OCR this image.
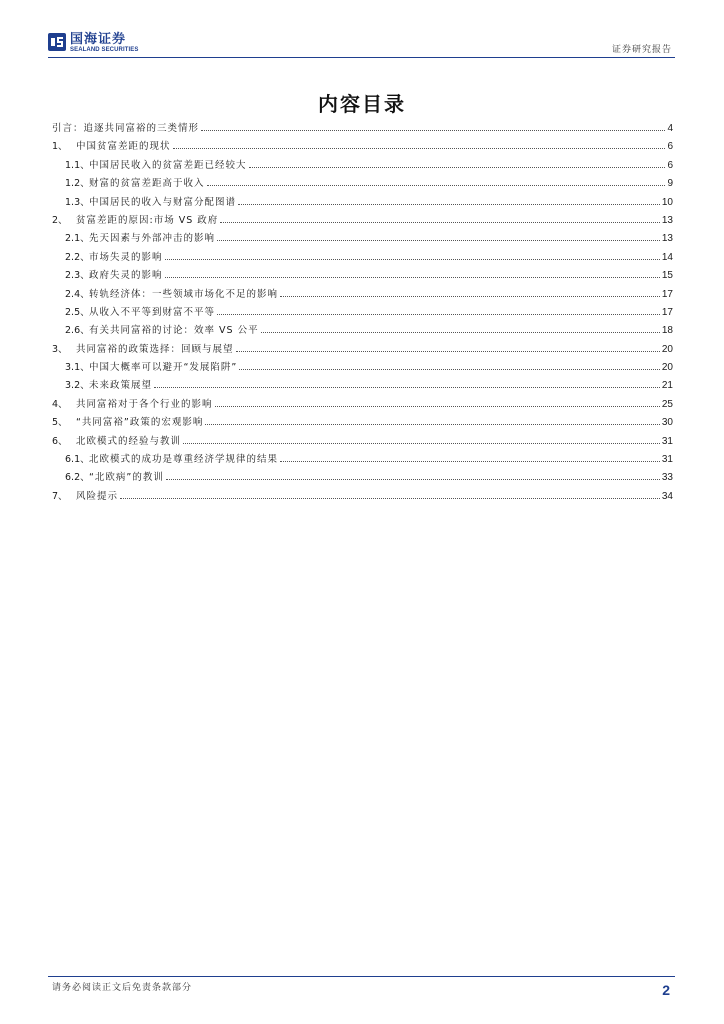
国海证券
SEALAND SECURITIES	证券研究报告
内容目录
引言：追逐共同富裕的三类情形	4
1、 中国贫富差距的现状	6
1.1、 中国居民收入的贫富差距已经较大	6
1.2、 财富的贫富差距高于收入	9
1.3、 中国居民的收入与财富分配图谱	10
2、 贫富差距的原因:市场 VS 政府	13
2.1、 先天因素与外部冲击的影响	13
2.2、 市场失灵的影响	14
2.3、 政府失灵的影响	15
2.4、 转轨经济体：一些领域市场化不足的影响	17
2.5、 从收入不平等到财富不平等	17
2.6、 有关共同富裕的讨论：效率 VS 公平	18
3、 共同富裕的政策选择：回顾与展望	20
3.1、 中国大概率可以避开“发展陷阱”	20
3.2、 未来政策展望	21
4、 共同富裕对于各个行业的影响	25
5、 “共同富裕”政策的宏观影响	30
6、 北欧模式的经验与教训	31
6.1、 北欧模式的成功是尊重经济学规律的结果	31
6.2、 “北欧病”的教训	33
7、 风险提示	34
请务必阅读正文后免责条款部分	2
